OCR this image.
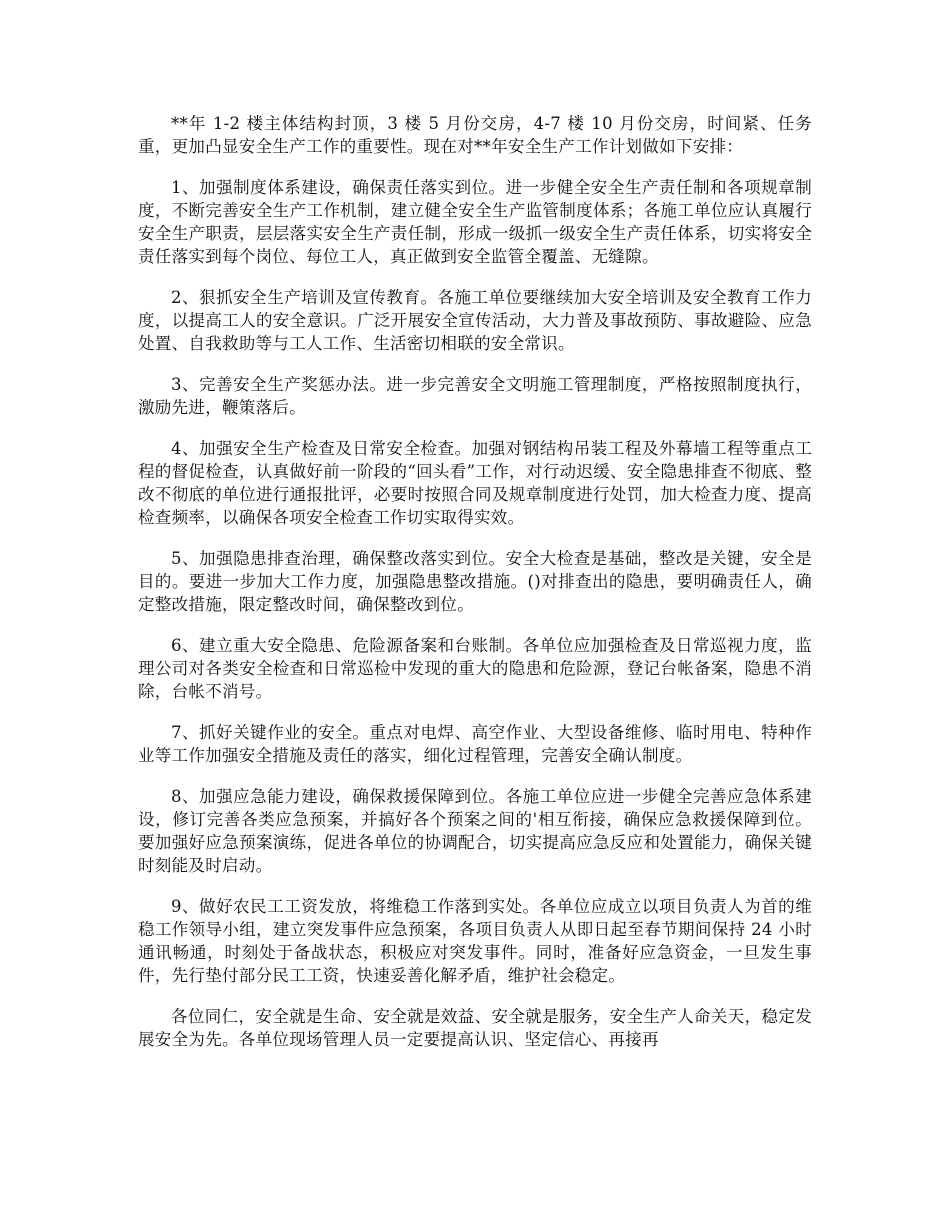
**年 1-2 楼主体结构封顶，3 楼 5 月份交房，4-7 楼 10 月份交房，时间紧、任务重，更加凸显安全生产工作的重要性。现在对**年安全生产工作计划做如下安排：

1、加强制度体系建设，确保责任落实到位。进一步健全安全生产责任制和各项规章制度，不断完善安全生产工作机制，建立健全安全生产监管制度体系；各施工单位应认真履行安全生产职责，层层落实安全生产责任制，形成一级抓一级安全生产责任体系，切实将安全责任落实到每个岗位、每位工人，真正做到安全监管全覆盖、无缝隙。

2、狠抓安全生产培训及宣传教育。各施工单位要继续加大安全培训及安全教育工作力度，以提高工人的安全意识。广泛开展安全宣传活动，大力普及事故预防、事故避险、应急处置、自我救助等与工人工作、生活密切相联的安全常识。

3、完善安全生产奖惩办法。进一步完善安全文明施工管理制度，严格按照制度执行，激励先进，鞭策落后。

4、加强安全生产检查及日常安全检查。加强对钢结构吊装工程及外幕墙工程等重点工程的督促检查，认真做好前一阶段的“回头看”工作，对行动迟缓、安全隐患排查不彻底、整改不彻底的单位进行通报批评，必要时按照合同及规章制度进行处罚，加大检查力度、提高检查频率，以确保各项安全检查工作切实取得实效。

5、加强隐患排查治理，确保整改落实到位。安全大检查是基础，整改是关键，安全是目的。要进一步加大工作力度，加强隐患整改措施。()对排查出的隐患，要明确责任人，确定整改措施，限定整改时间，确保整改到位。

6、建立重大安全隐患、危险源备案和台账制。各单位应加强检查及日常巡视力度，监理公司对各类安全检查和日常巡检中发现的重大的隐患和危险源，登记台帐备案，隐患不消除，台帐不消号。

7、抓好关键作业的安全。重点对电焊、高空作业、大型设备维修、临时用电、特种作业等工作加强安全措施及责任的落实，细化过程管理，完善安全确认制度。

8、加强应急能力建设，确保救援保障到位。各施工单位应进一步健全完善应急体系建设，修订完善各类应急预案，并搞好各个预案之间的'相互衔接，确保应急救援保障到位。要加强好应急预案演练，促进各单位的协调配合，切实提高应急反应和处置能力，确保关键时刻能及时启动。

9、做好农民工工资发放，将维稳工作落到实处。各单位应成立以项目负责人为首的维稳工作领导小组，建立突发事件应急预案，各项目负责人从即日起至春节期间保持 24 小时通讯畅通，时刻处于备战状态，积极应对突发事件。同时，准备好应急资金，一旦发生事件，先行垫付部分民工工资，快速妥善化解矛盾，维护社会稳定。

各位同仁，安全就是生命、安全就是效益、安全就是服务，安全生产人命关天，稳定发展安全为先。各单位现场管理人员一定要提高认识、坚定信心、再接再
